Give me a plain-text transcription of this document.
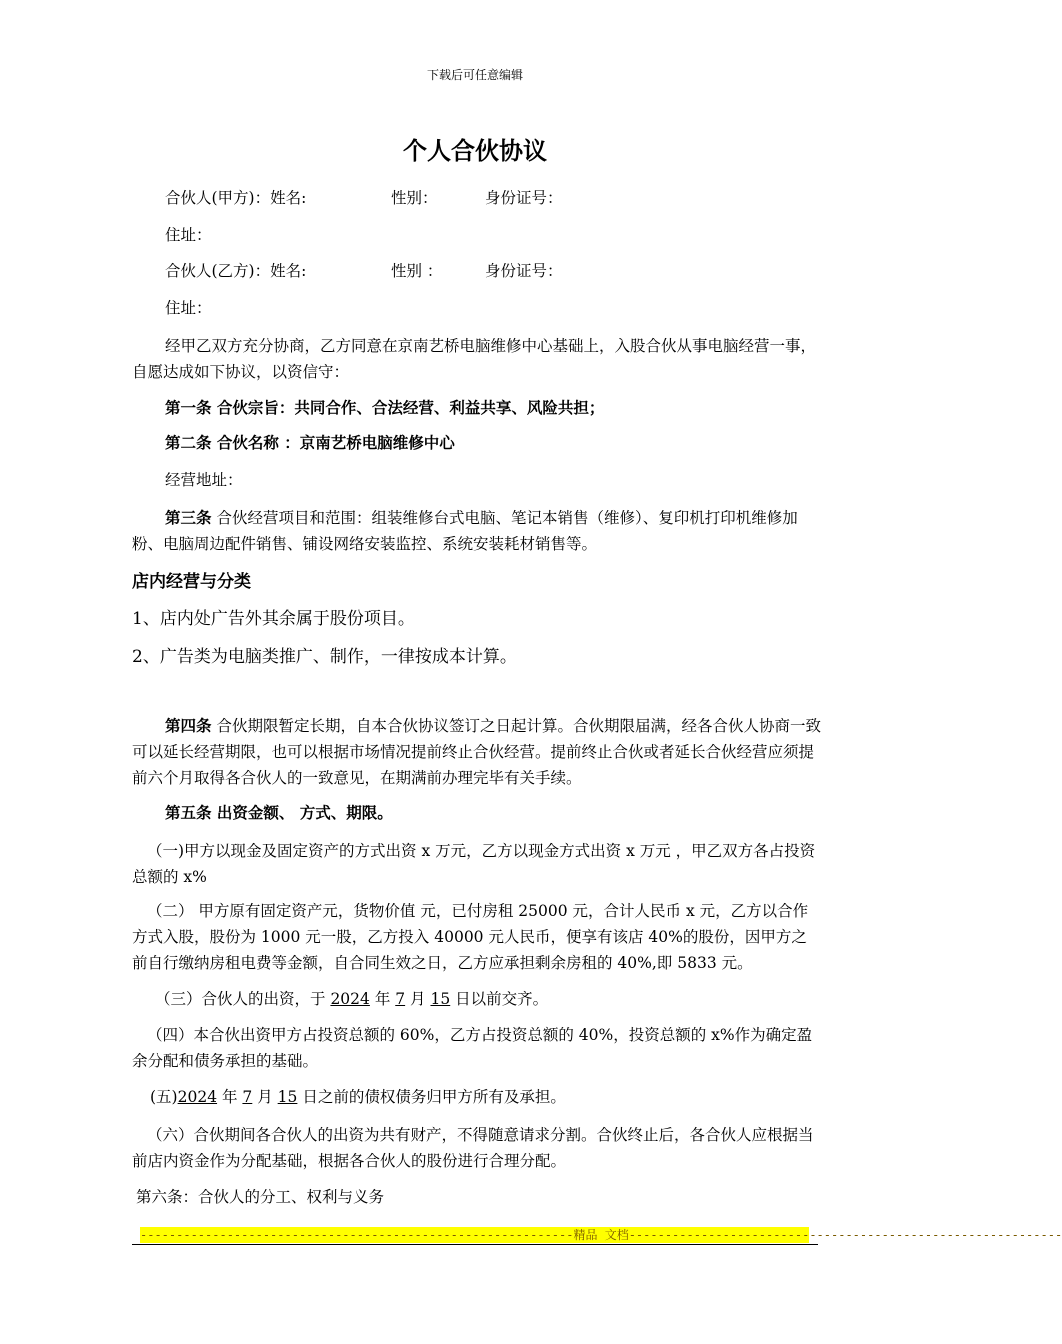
下载后可任意编辑
个人合伙协议
合伙人(甲方)：姓名:	性别：	身份证号：
住址：
合伙人(乙方)：姓名:	性别 ：	身份证号：
住址：
经甲乙双方充分协商，乙方同意在京南艺桥电脑维修中心基础上，入股合伙从事电脑经营一事，自愿达成如下协议，以资信守：
第一条 合伙宗旨：共同合作、合法经营、利益共享、风险共担；
第二条 合伙名称 ：京南艺桥电脑维修中心
经营地址：
第三条 合伙经营项目和范围：组装维修台式电脑、笔记本销售（维修）、复印机打印机维修加粉、电脑周边配件销售、铺设网络安装监控、系统安装耗材销售等。
店内经营与分类
1、店内处广告外其余属于股份项目。
2、广告类为电脑类推广、制作，一律按成本计算。
第四条 合伙期限暂定长期，自本合伙协议签订之日起计算。合伙期限届满，经各合伙人协商一致可以延长经营期限，也可以根据市场情况提前终止合伙经营。提前终止合伙或者延长合伙经营应须提前六个月取得各合伙人的一致意见，在期满前办理完毕有关手续。
第五条 出资金额、 方式、期限。
（一)甲方以现金及固定资产的方式出资 x 万元，乙方以现金方式出资 x 万元 ，甲乙双方各占投资总额的 x%
（二） 甲方原有固定资产元，货物价值 元，已付房租 25000 元，合计人民币 x 元，乙方以合作方式入股，股份为 1000 元一股，乙方投入 40000 元人民币，便享有该店 40%的股份，因甲方之前自行缴纳房租电费等金额，自合同生效之日，乙方应承担剩余房租的 40%,即 5833 元。
（三）合伙人的出资，于 2024 年 7 月 15 日以前交齐。
（四）本合伙出资甲方占投资总额的 60%，乙方占投资总额的 40%，投资总额的 x%作为确定盈余分配和债务承担的基础。
(五)2024 年 7 月 15 日之前的债权债务归甲方所有及承担。
（六）合伙期间各合伙人的出资为共有财产，不得随意请求分割。合伙终止后，各合伙人应根据当前店内资金作为分配基础，根据各合伙人的股份进行合理分配。
第六条：合伙人的分工、权利与义务
------------------------------------------------------------精品 文档------------------------------------------------------------
